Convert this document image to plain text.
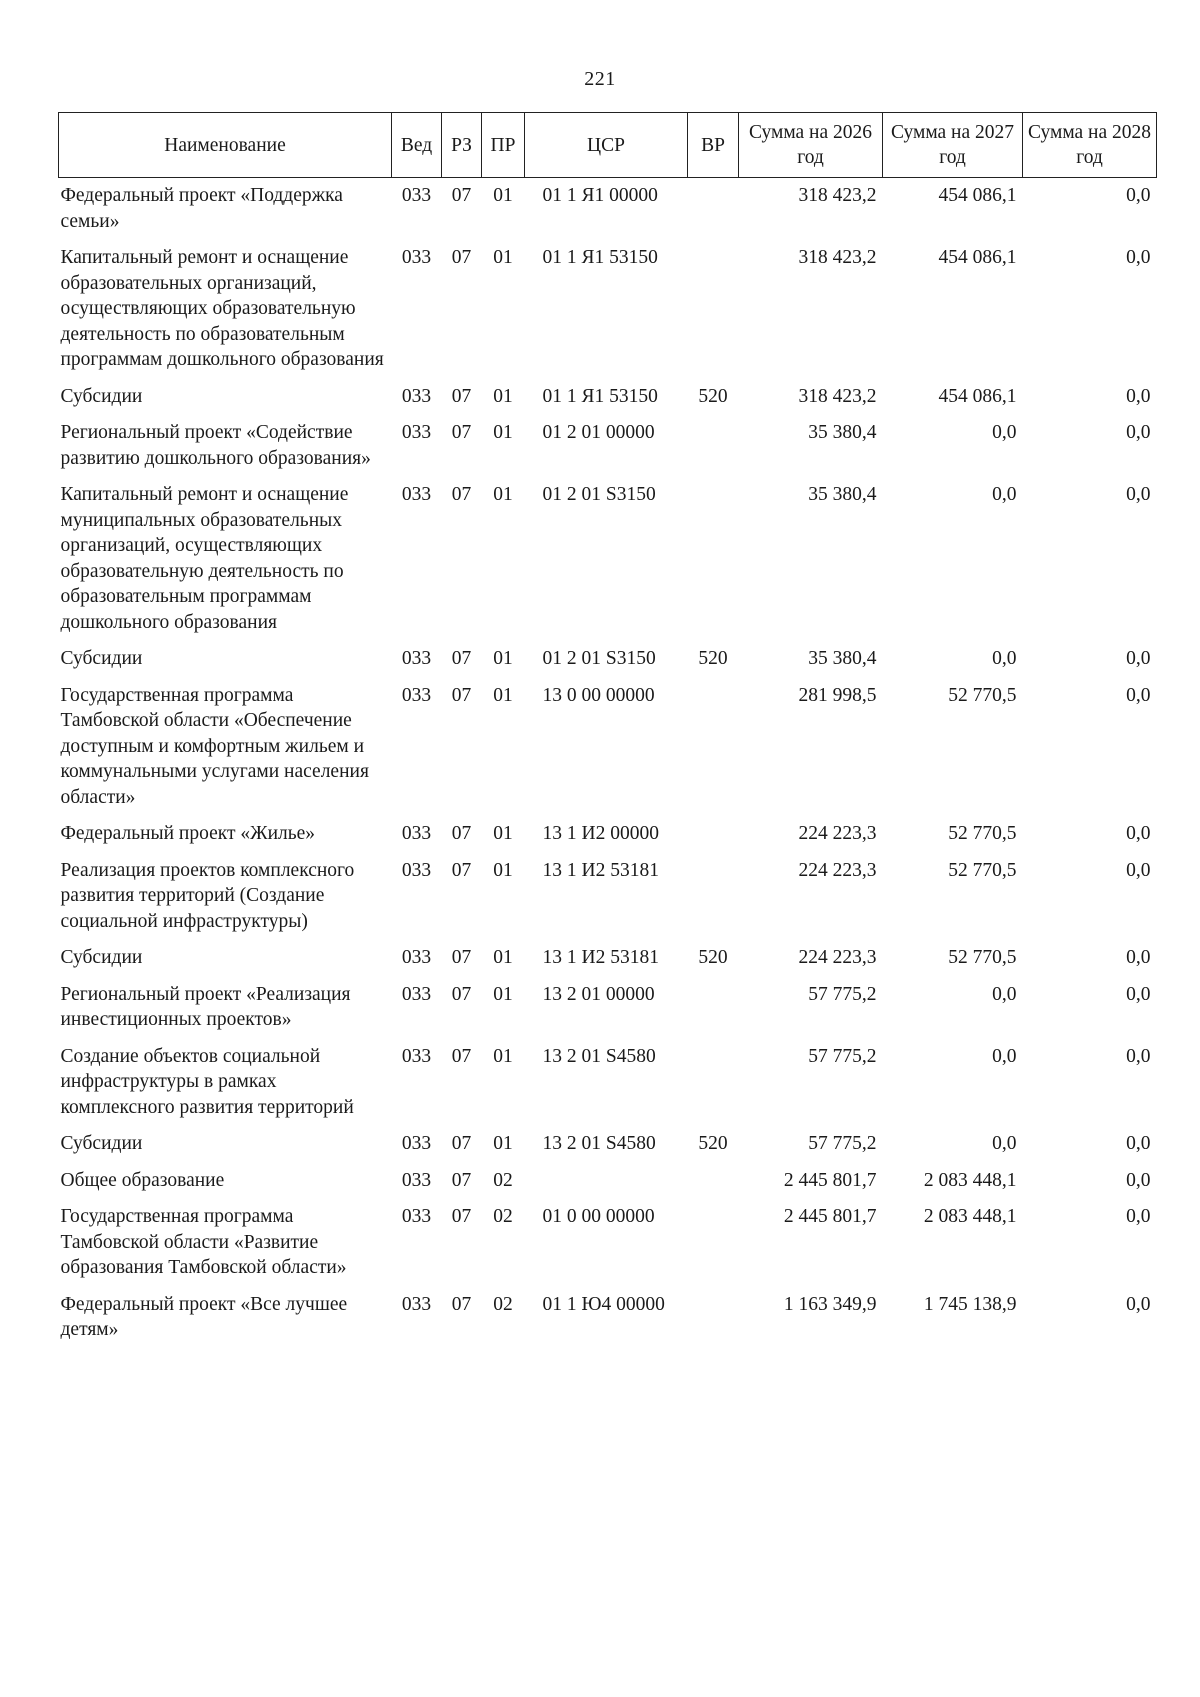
221
Наименование	Вед	РЗ	ПР	ЦСР	ВР	Сумма на 2026 год	Сумма на 2027 год	Сумма на 2028 год
Федеральный проект «Поддержка семьи»	033	07	01	01 1 Я1 00000		318 423,2	454 086,1	0,0
Капитальный ремонт и оснащение образовательных организаций, осуществляющих образовательную деятельность по образовательным программам дошкольного образования	033	07	01	01 1 Я1 53150		318 423,2	454 086,1	0,0
Субсидии	033	07	01	01 1 Я1 53150	520	318 423,2	454 086,1	0,0
Региональный проект «Содействие развитию дошкольного образования»	033	07	01	01 2 01 00000		35 380,4	0,0	0,0
Капитальный ремонт и оснащение муниципальных образовательных организаций, осуществляющих образовательную деятельность по образовательным программам дошкольного образования	033	07	01	01 2 01 S3150		35 380,4	0,0	0,0
Субсидии	033	07	01	01 2 01 S3150	520	35 380,4	0,0	0,0
Государственная программа Тамбовской области «Обеспечение доступным и комфортным жильем и коммунальными услугами населения области»	033	07	01	13 0 00 00000		281 998,5	52 770,5	0,0
Федеральный проект «Жилье»	033	07	01	13 1 И2 00000		224 223,3	52 770,5	0,0
Реализация проектов комплексного развития территорий (Создание социальной инфраструктуры)	033	07	01	13 1 И2 53181		224 223,3	52 770,5	0,0
Субсидии	033	07	01	13 1 И2 53181	520	224 223,3	52 770,5	0,0
Региональный проект «Реализация инвестиционных проектов»	033	07	01	13 2 01 00000		57 775,2	0,0	0,0
Создание объектов социальной инфраструктуры в рамках комплексного развития территорий	033	07	01	13 2 01 S4580		57 775,2	0,0	0,0
Субсидии	033	07	01	13 2 01 S4580	520	57 775,2	0,0	0,0
Общее образование	033	07	02			2 445 801,7	2 083 448,1	0,0
Государственная программа Тамбовской области «Развитие образования Тамбовской области»	033	07	02	01 0 00 00000		2 445 801,7	2 083 448,1	0,0
Федеральный проект «Все лучшее детям»	033	07	02	01 1 Ю4 00000		1 163 349,9	1 745 138,9	0,0
